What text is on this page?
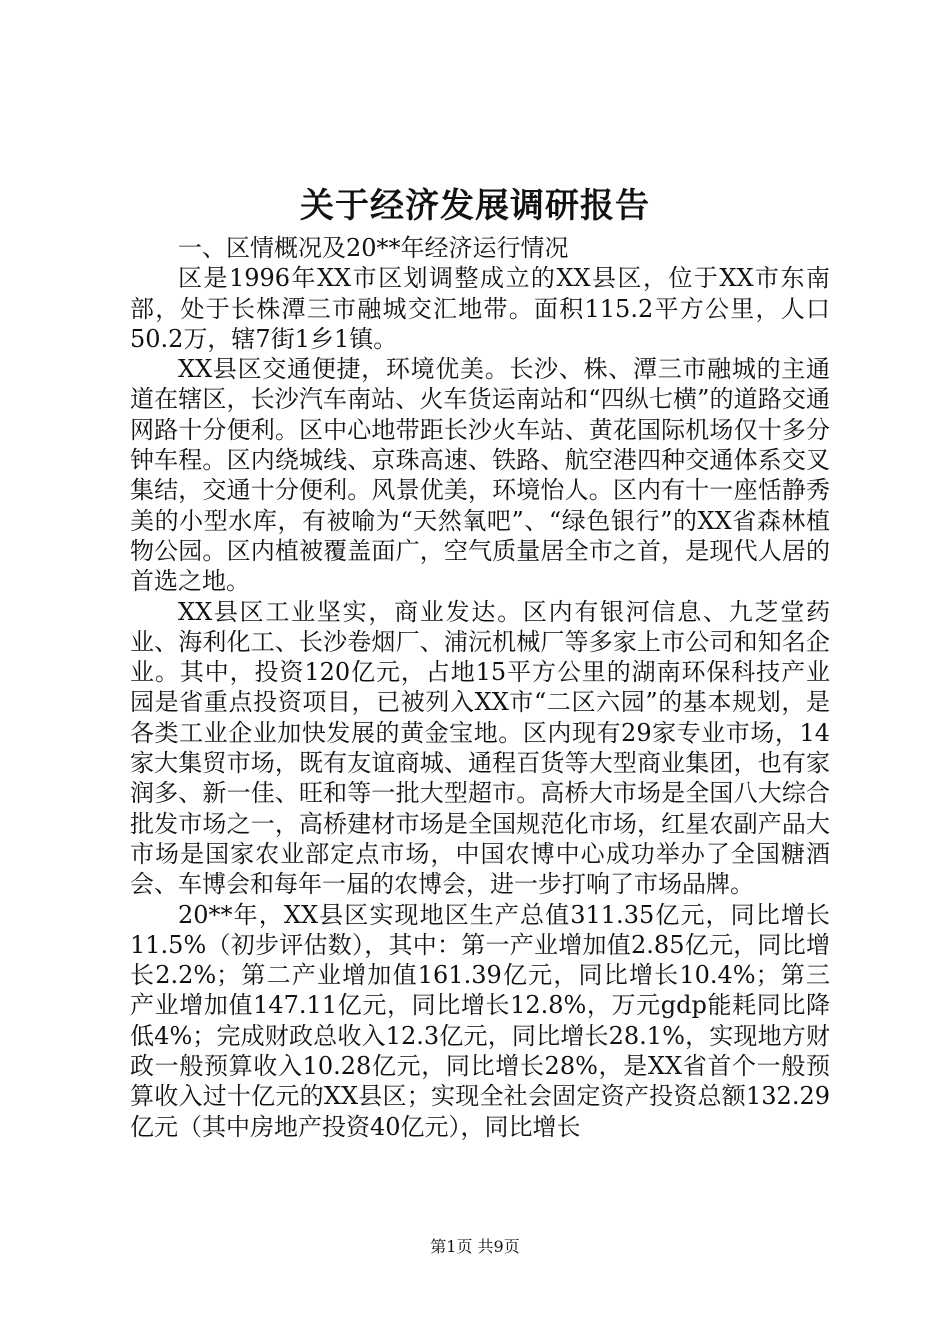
关于经济发展调研报告

一、区情概况及20**年经济运行情况

区是1996年XX市区划调整成立的XX县区，位于XX市东南部，处于长株潭三市融城交汇地带。面积115.2平方公里，人口50.2万，辖7街1乡1镇。

XX县区交通便捷，环境优美。长沙、株、潭三市融城的主通道在辖区，长沙汽车南站、火车货运南站和“四纵七横”的道路交通网路十分便利。区中心地带距长沙火车站、黄花国际机场仅十多分钟车程。区内绕城线、京珠高速、铁路、航空港四种交通体系交叉集结，交通十分便利。风景优美，环境怡人。区内有十一座恬静秀美的小型水库，有被喻为“天然氧吧”、“绿色银行”的XX省森林植物公园。区内植被覆盖面广，空气质量居全市之首，是现代人居的首选之地。

XX县区工业坚实，商业发达。区内有银河信息、九芝堂药业、海利化工、长沙卷烟厂、浦沅机械厂等多家上市公司和知名企业。其中，投资120亿元，占地15平方公里的湖南环保科技产业园是省重点投资项目，已被列入XX市“二区六园”的基本规划，是各类工业企业加快发展的黄金宝地。区内现有29家专业市场，14家大集贸市场，既有友谊商城、通程百货等大型商业集团，也有家润多、新一佳、旺和等一批大型超市。高桥大市场是全国八大综合批发市场之一，高桥建材市场是全国规范化市场，红星农副产品大市场是国家农业部定点市场，中国农博中心成功举办了全国糖酒会、车博会和每年一届的农博会，进一步打响了市场品牌。

20**年，XX县区实现地区生产总值311.35亿元，同比增长11.5%（初步评估数），其中：第一产业增加值2.85亿元，同比增长2.2%；第二产业增加值161.39亿元，同比增长10.4%；第三产业增加值147.11亿元，同比增长12.8%，万元gdp能耗同比降低4%；完成财政总收入12.3亿元，同比增长28.1%，实现地方财政一般预算收入10.28亿元，同比增长28%，是XX省首个一般预算收入过十亿元的XX县区；实现全社会固定资产投资总额132.29亿元（其中房地产投资40亿元），同比增长

第1页 共9页
